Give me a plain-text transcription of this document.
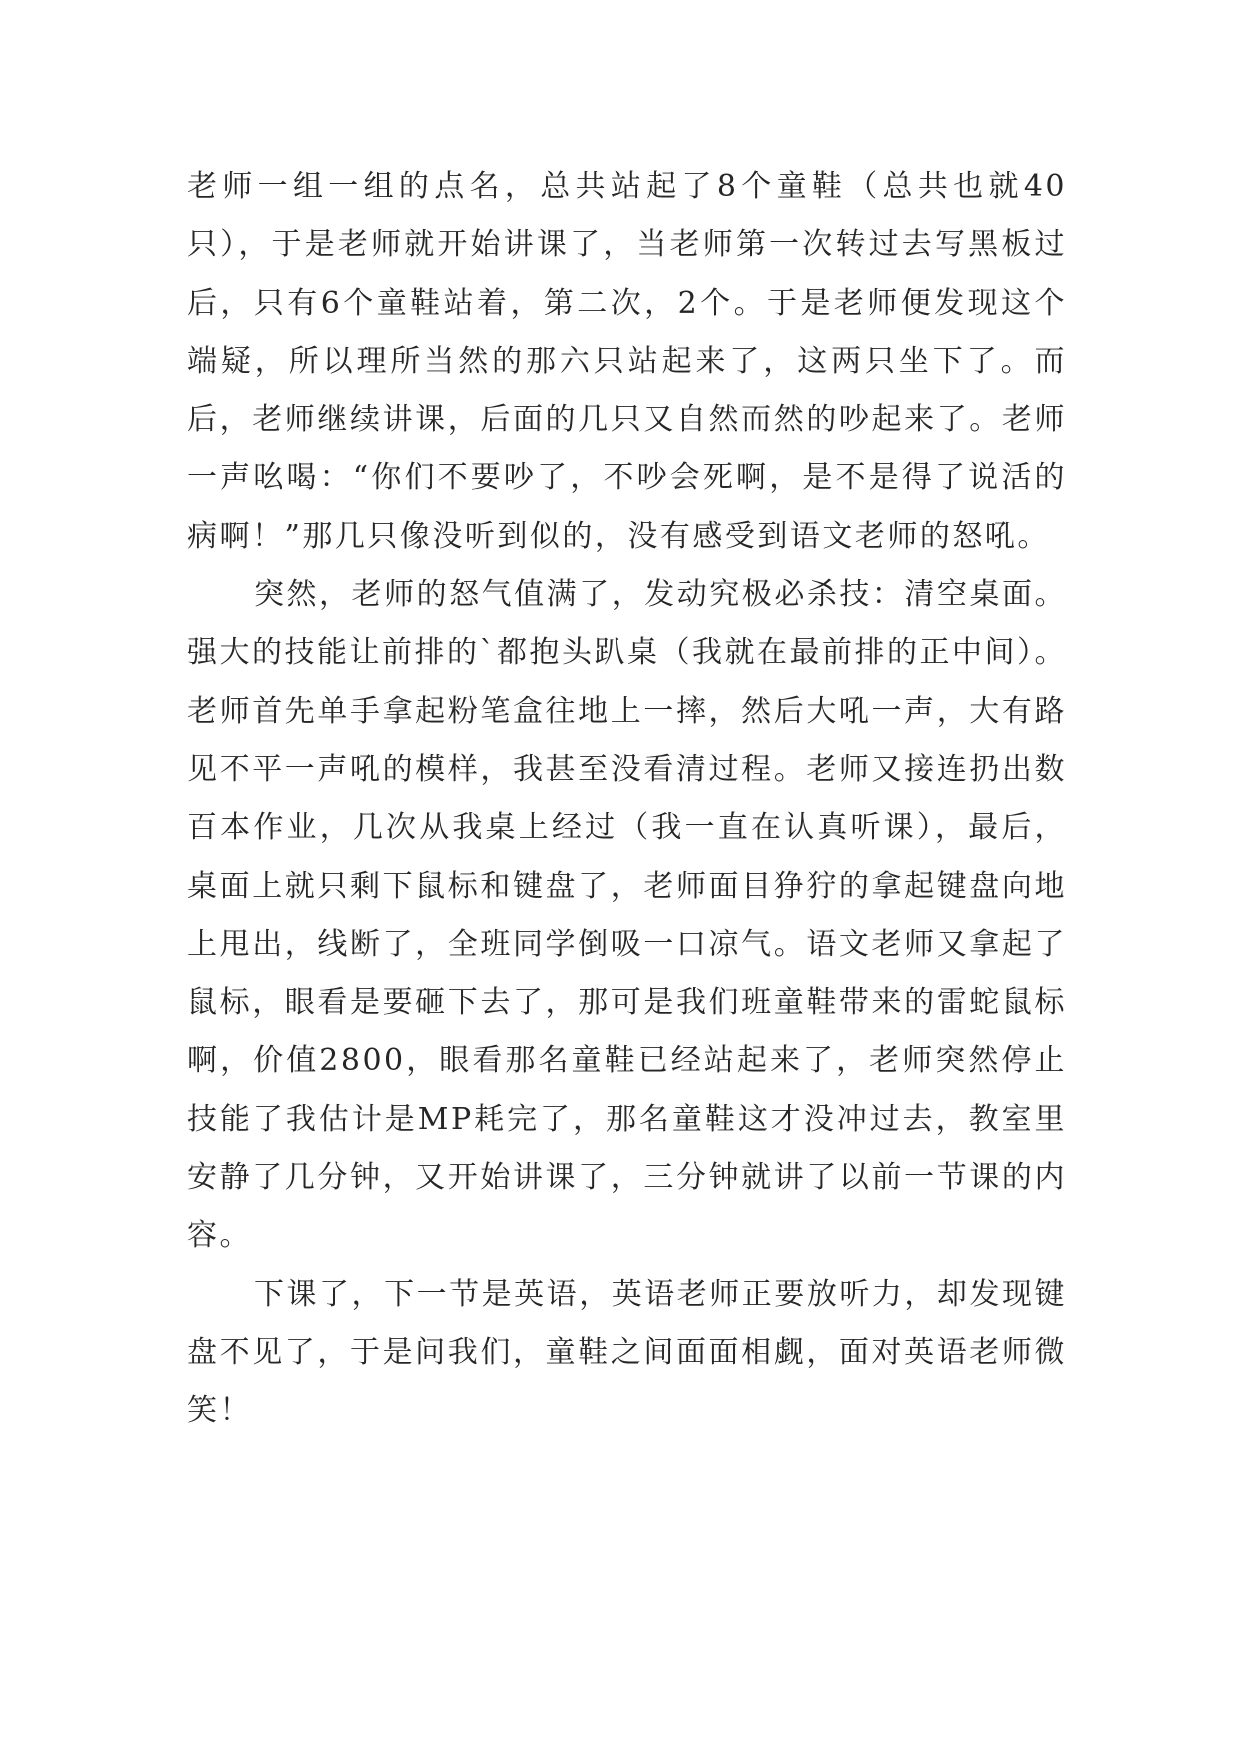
老师一组一组的点名，总共站起了8个童鞋（总共也就40只），于是老师就开始讲课了，当老师第一次转过去写黑板过后，只有6个童鞋站着，第二次，2个。于是老师便发现这个端疑，所以理所当然的那六只站起来了，这两只坐下了。而后，老师继续讲课，后面的几只又自然而然的吵起来了。老师一声吆喝：“你们不要吵了，不吵会死啊，是不是得了说活的病啊！”那几只像没听到似的，没有感受到语文老师的怒吼。

突然，老师的怒气值满了，发动究极必杀技：清空桌面。强大的技能让前排的`都抱头趴桌（我就在最前排的正中间）。老师首先单手拿起粉笔盒往地上一摔，然后大吼一声，大有路见不平一声吼的模样，我甚至没看清过程。老师又接连扔出数百本作业，几次从我桌上经过（我一直在认真听课），最后，桌面上就只剩下鼠标和键盘了，老师面目狰狞的拿起键盘向地上甩出，线断了，全班同学倒吸一口凉气。语文老师又拿起了鼠标，眼看是要砸下去了，那可是我们班童鞋带来的雷蛇鼠标啊，价值2800，眼看那名童鞋已经站起来了，老师突然停止技能了我估计是MP耗完了，那名童鞋这才没冲过去，教室里安静了几分钟，又开始讲课了，三分钟就讲了以前一节课的内容。

下课了，下一节是英语，英语老师正要放听力，却发现键盘不见了，于是问我们，童鞋之间面面相觑，面对英语老师微笑！
